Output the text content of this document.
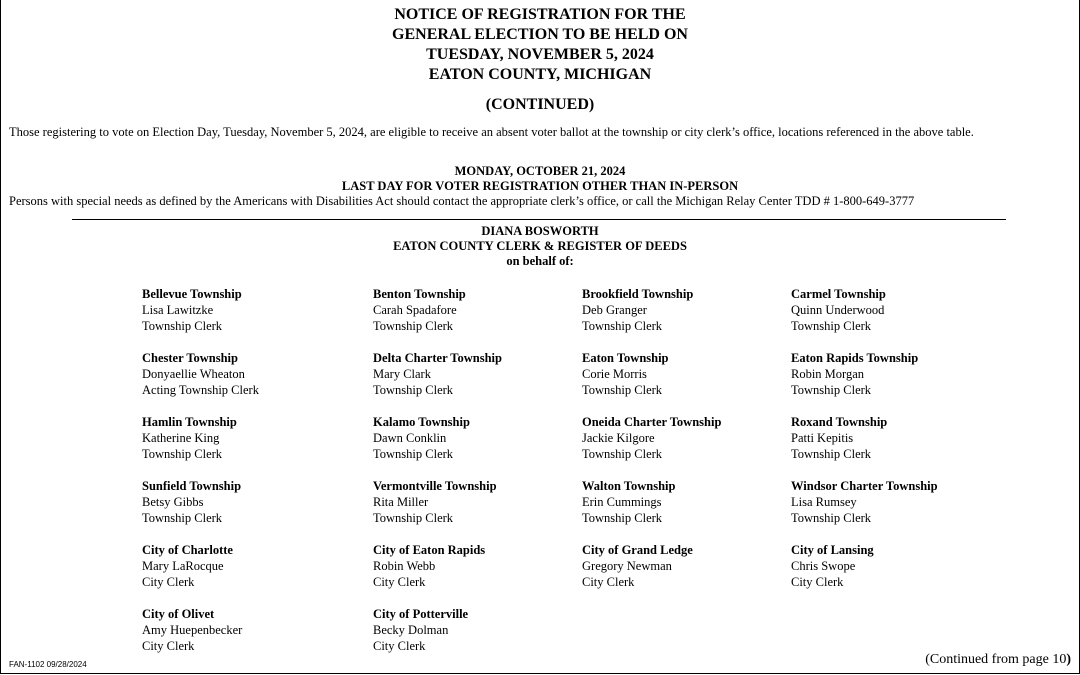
NOTICE OF REGISTRATION FOR THE
GENERAL ELECTION TO BE HELD ON
TUESDAY, NOVEMBER 5, 2024
EATON COUNTY, MICHIGAN
(CONTINUED)
Those registering to vote on Election Day, Tuesday, November 5, 2024, are eligible to receive an absent voter ballot at the township or city clerk’s office, locations referenced in the above table.
MONDAY, OCTOBER 21, 2024
LAST DAY FOR VOTER REGISTRATION OTHER THAN IN-PERSON
Persons with special needs as defined by the Americans with Disabilities Act should contact the appropriate clerk’s office, or call the Michigan Relay Center TDD # 1-800-649-3777
DIANA BOSWORTH
EATON COUNTY CLERK & REGISTER OF DEEDS
on behalf of:
Bellevue Township
Lisa Lawitzke
Township Clerk
Benton Township
Carah Spadafore
Township Clerk
Brookfield Township
Deb Granger
Township Clerk
Carmel Township
Quinn Underwood
Township Clerk
Chester Township
Donyaellie Wheaton
Acting Township Clerk
Delta Charter Township
Mary Clark
Township Clerk
Eaton Township
Corie Morris
Township Clerk
Eaton Rapids Township
Robin Morgan
Township Clerk
Hamlin Township
Katherine King
Township Clerk
Kalamo Township
Dawn Conklin
Township Clerk
Oneida Charter Township
Jackie Kilgore
Township Clerk
Roxand Township
Patti Kepitis
Township Clerk
Sunfield Township
Betsy Gibbs
Township Clerk
Vermontville Township
Rita Miller
Township Clerk
Walton Township
Erin Cummings
Township Clerk
Windsor Charter Township
Lisa Rumsey
Township Clerk
City of Charlotte
Mary LaRocque
City Clerk
City of Eaton Rapids
Robin Webb
City Clerk
City of Grand Ledge
Gregory Newman
City Clerk
City of Lansing
Chris Swope
City Clerk
City of Olivet
Amy Huepenbecker
City Clerk
City of Potterville
Becky Dolman
City Clerk
FAN-1102 09/28/2024	(Continued from page 10)
